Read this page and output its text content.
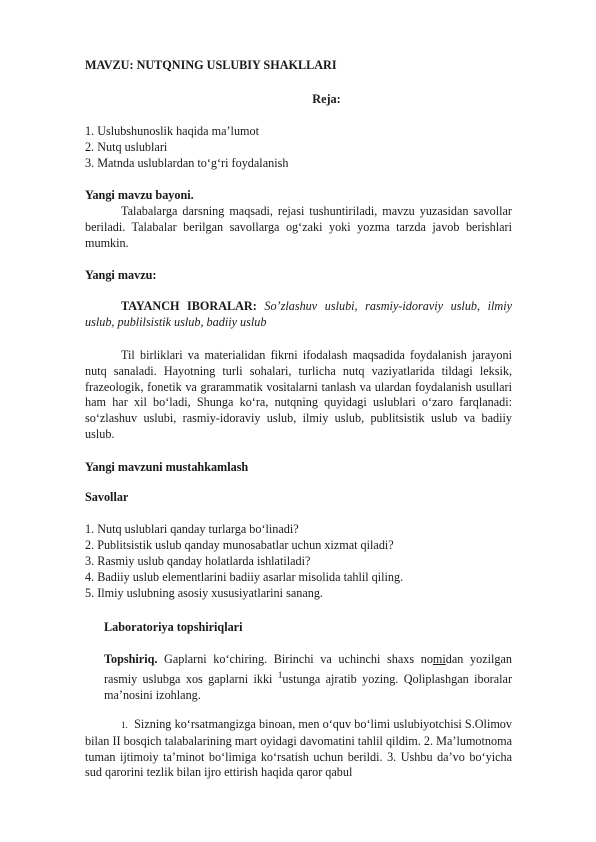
MAVZU: NUTQNING USLUBIY SHAKLLARI
Reja:
1. Uslubshunoslik haqida ma’lumot
2. Nutq uslublari
3. Matnda uslublardan to‘g‘ri foydalanish
Yangi mavzu bayoni.
Talabalarga darsning maqsadi, rejasi tushuntiriladi, mavzu yuzasidan savollar beriladi. Talabalar berilgan savollarga og‘zaki yoki yozma tarzda javob berishlari mumkin.
Yangi mavzu:
TAYANCH IBORALAR: So’zlashuv uslubi, rasmiy-idoraviy uslub, ilmiy uslub, publilsistik uslub, badiiy uslub
Til birliklari va materialidan fikrni ifodalash maqsadida foydalanish jarayoni nutq sanaladi. Hayotning turli sohalari, turlicha nutq vaziyatlarida tildagi leksik, frazeologik, fonetik va grarammatik vositalarni tanlash va ulardan foydalanish usullari ham har xil bo‘ladi, Shunga ko‘ra, nutqning quyidagi uslublari o‘zaro farqlanadi: so‘zlashuv uslubi, rasmiy-idoraviy uslub, ilmiy uslub, publitsistik uslub va badiiy uslub.
Yangi mavzuni mustahkamlash
Savollar
1. Nutq uslublari qanday turlarga bo‘linadi?
2. Publitsistik uslub qanday munosabatlar uchun xizmat qiladi?
3. Rasmiy uslub qanday holatlarda ishlatiladi?
4. Badiiy uslub elementlarini badiiy asarlar misolida tahlil qiling.
5. Ilmiy uslubning asosiy xususiyatlarini sanang.
Laboratoriya topshiriqlari
Topshiriq. Gaplarni ko‘chiring. Birinchi va uchinchi shaxs nomidan yozilgan rasmiy uslubga xos gaplarni ikki $^1$ustunga ajratib yozing. Qoliplashgan iboralar ma’nosini izohlang.
1. Sizning ko‘rsatmangizga binoan, men o‘quv bo‘limi uslubiyotchisi S.Olimov bilan II bosqich talabalarining mart oyidagi davomatini tahlil qildim. 2. Ma’lumotnoma tuman ijtimoiy ta’minot bo‘limiga ko‘rsatish uchun berildi. 3. Ushbu da’vo bo‘yicha sud qarorini tezlik bilan ijro ettirish haqida qaror qabul
